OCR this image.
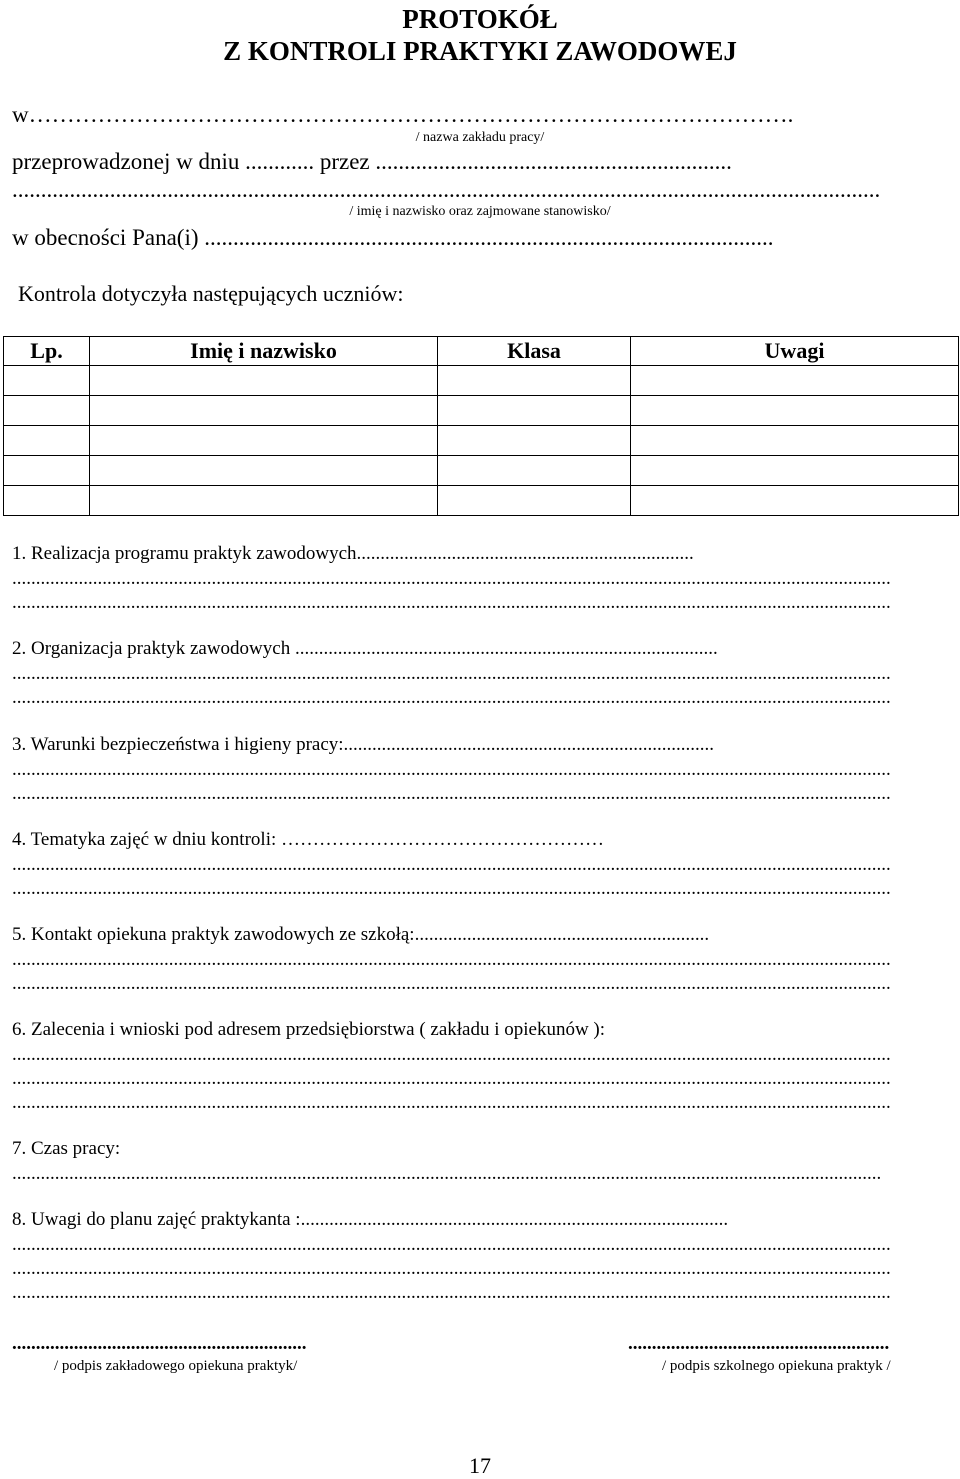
PROTOKÓŁ
Z KONTROLI PRAKTYKI ZAWODOWEJ
w……………………………………………………………………………………….
/ nazwa zakładu pracy/
przeprowadzonej w dniu ............ przez ..............................................................
.......................................................................................................................................................
/ imię i nazwisko oraz zajmowane stanowisko/
w obecności Pana(i) ...................................................................................................
Kontrola dotyczyła następujących uczniów:
Lp.	Imię i nazwisko	Klasa	Uwagi

1. Realizacja programu praktyk zawodowych.......................................................................
.........................................................................................................................................................................................
.........................................................................................................................................................................................
2. Organizacja praktyk zawodowych .........................................................................................
.........................................................................................................................................................................................
.........................................................................................................................................................................................
3. Warunki bezpieczeństwa i higieny pracy:..............................................................................
.........................................................................................................................................................................................
.........................................................................................................................................................................................
4. Tematyka zajęć w dniu kontroli: ……………………………………………
.........................................................................................................................................................................................
.........................................................................................................................................................................................
5. Kontakt opiekuna praktyk zawodowych ze szkołą:..............................................................
.........................................................................................................................................................................................
.........................................................................................................................................................................................
6. Zalecenia i wnioski pod adresem przedsiębiorstwa ( zakładu i opiekunów ):
.........................................................................................................................................................................................
.........................................................................................................................................................................................
.........................................................................................................................................................................................
7. Czas pracy:
.......................................................................................................................................................................................
8. Uwagi do planu zajęć praktykanta :..........................................................................................
.........................................................................................................................................................................................
.........................................................................................................................................................................................
.........................................................................................................................................................................................
..............................................................	.......................................................
/ podpis zakładowego opiekuna praktyk/	/ podpis szkolnego opiekuna praktyk /
17
